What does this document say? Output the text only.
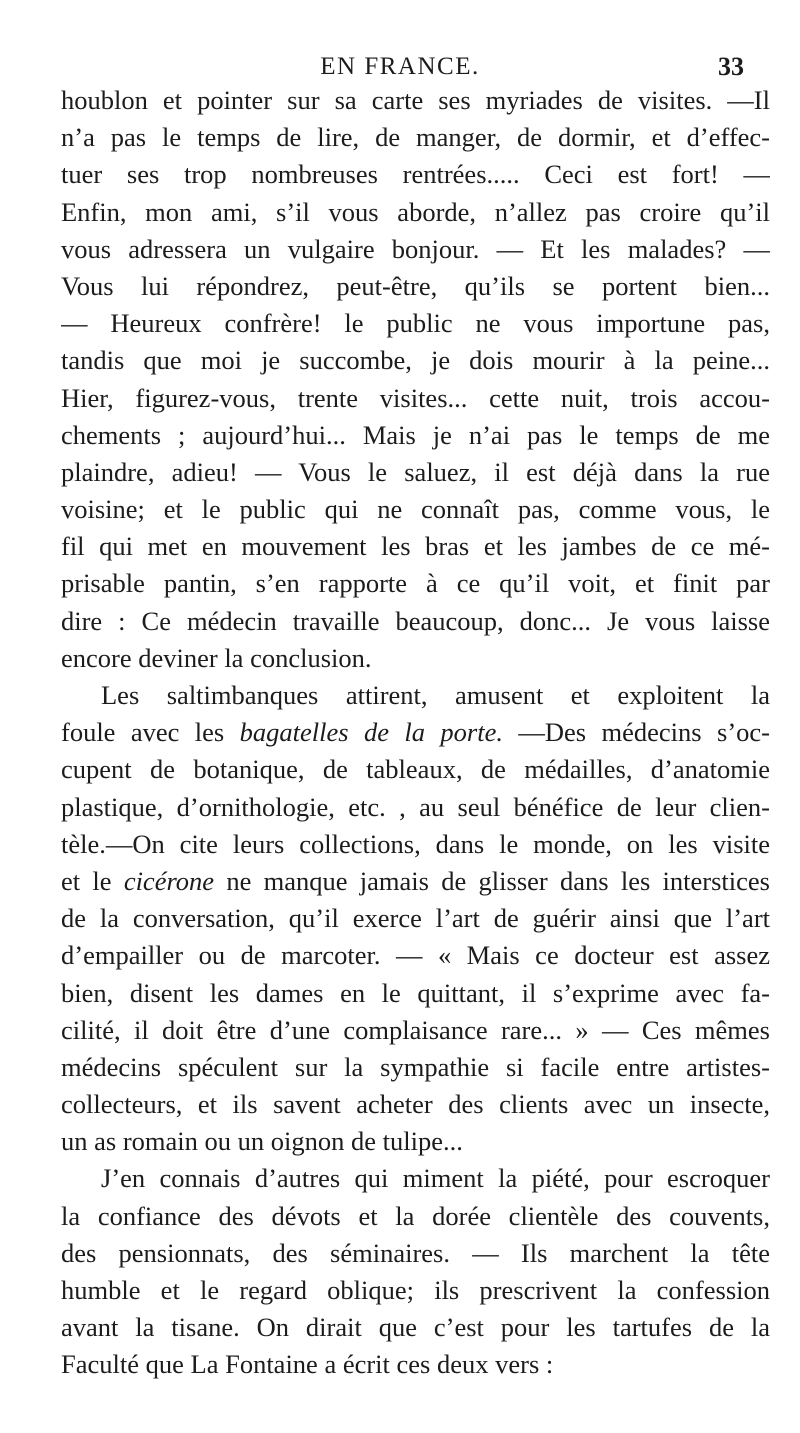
EN FRANCE.	33
houblon et pointer sur sa carte ses myriades de visites. —Il
n’a pas le temps de lire, de manger, de dormir, et d’effec-
tuer ses trop nombreuses rentrées..... Ceci est fort! —
Enfin, mon ami, s’il vous aborde, n’allez pas croire qu’il
vous adressera un vulgaire bonjour. — Et les malades? —
Vous lui répondrez, peut-être, qu’ils se portent bien...
— Heureux confrère! le public ne vous importune pas,
tandis que moi je succombe, je dois mourir à la peine...
Hier, figurez-vous, trente visites... cette nuit, trois accou-
chements ; aujourd’hui... Mais je n’ai pas le temps de me
plaindre, adieu! — Vous le saluez, il est déjà dans la rue
voisine; et le public qui ne connaît pas, comme vous, le
fil qui met en mouvement les bras et les jambes de ce mé-
prisable pantin, s’en rapporte à ce qu’il voit, et finit par
dire : Ce médecin travaille beaucoup, donc... Je vous laisse
encore deviner la conclusion.
Les saltimbanques attirent, amusent et exploitent la
foule avec les bagatelles de la porte. —Des médecins s’oc-
cupent de botanique, de tableaux, de médailles, d’anatomie
plastique, d’ornithologie, etc. , au seul bénéfice de leur clien-
tèle.—On cite leurs collections, dans le monde, on les visite
et le cicérone ne manque jamais de glisser dans les interstices
de la conversation, qu’il exerce l’art de guérir ainsi que l’art
d’empailler ou de marcoter. — « Mais ce docteur est assez
bien, disent les dames en le quittant, il s’exprime avec fa-
cilité, il doit être d’une complaisance rare... » — Ces mêmes
médecins spéculent sur la sympathie si facile entre artistes-
collecteurs, et ils savent acheter des clients avec un insecte,
un as romain ou un oignon de tulipe...
J’en connais d’autres qui miment la piété, pour escroquer
la confiance des dévots et la dorée clientèle des couvents,
des pensionnats, des séminaires. — Ils marchent la tête
humble et le regard oblique; ils prescrivent la confession
avant la tisane. On dirait que c’est pour les tartufes de la
Faculté que La Fontaine a écrit ces deux vers :
